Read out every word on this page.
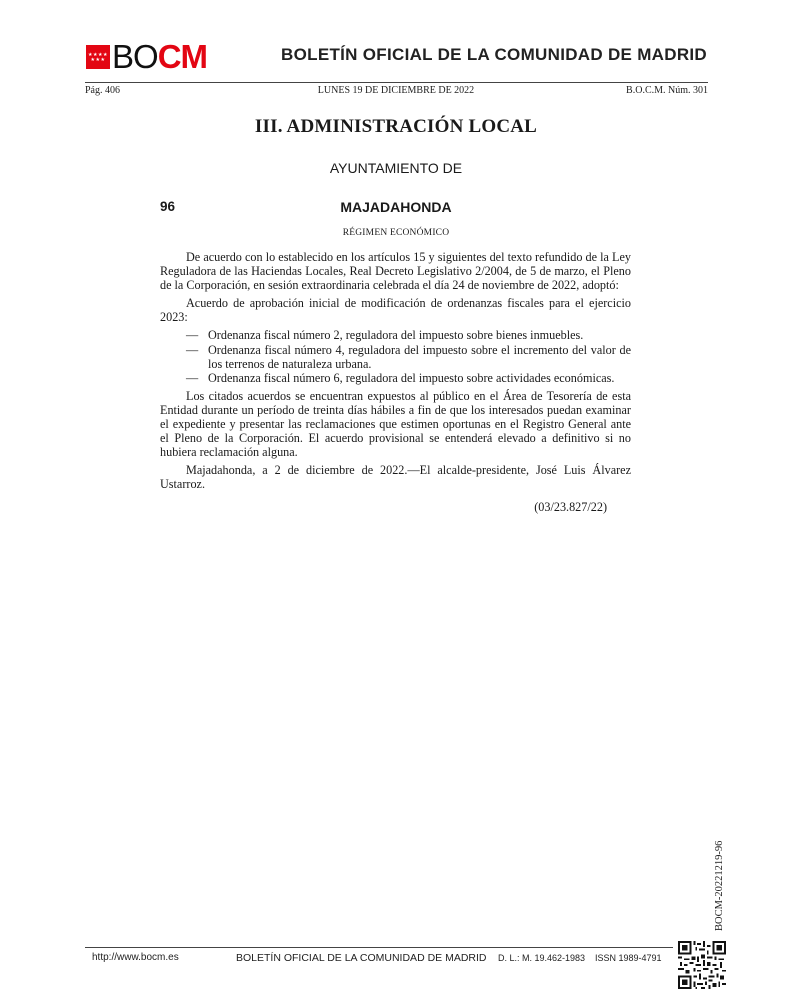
★★★★
★★★ BO CM	BOLETÍN OFICIAL DE LA COMUNIDAD DE MADRID
Pág. 406	LUNES 19 DE DICIEMBRE DE 2022	B.O.C.M. Núm. 301
III. ADMINISTRACIÓN LOCAL
AYUNTAMIENTO DE
96	MAJADAHONDA
RÉGIMEN ECONÓMICO

De acuerdo con lo establecido en los artículos 15 y siguientes del texto refundido de la Ley Reguladora de las Haciendas Locales, Real Decreto Legislativo 2/2004, de 5 de marzo, el Pleno de la Corporación, en sesión extraordinaria celebrada el día 24 de noviembre de 2022, adoptó:

Acuerdo de aprobación inicial de modificación de ordenanzas fiscales para el ejercicio 2023:

— Ordenanza fiscal número 2, reguladora del impuesto sobre bienes inmuebles.
— Ordenanza fiscal número 4, reguladora del impuesto sobre el incremento del valor de los terrenos de naturaleza urbana.
— Ordenanza fiscal número 6, reguladora del impuesto sobre actividades económicas.

Los citados acuerdos se encuentran expuestos al público en el Área de Tesorería de esta Entidad durante un período de treinta días hábiles a fin de que los interesados puedan examinar el expediente y presentar las reclamaciones que estimen oportunas en el Registro General ante el Pleno de la Corporación. El acuerdo provisional se entenderá elevado a definitivo si no hubiera reclamación alguna.

Majadahonda, a 2 de diciembre de 2022.—El alcalde-presidente, José Luis Álvarez Ustarroz.

(03/23.827/22)
BOCM-20221219-96
http://www.bocm.es	BOLETÍN OFICIAL DE LA COMUNIDAD DE MADRID D. L.: M. 19.462-1983 ISSN 1989-4791
